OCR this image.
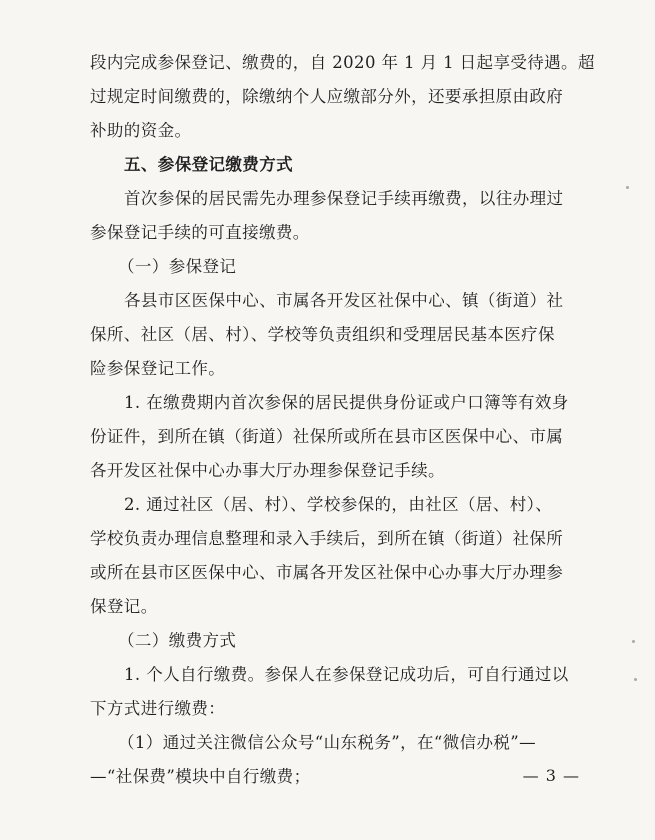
段内完成参保登记、缴费的，自 2020 年 1 月 1 日起享受待遇。超
过规定时间缴费的，除缴纳个人应缴部分外，还要承担原由政府
补助的资金。
五、参保登记缴费方式
首次参保的居民需先办理参保登记手续再缴费，以往办理过
参保登记手续的可直接缴费。
（一）参保登记
各县市区医保中心、市属各开发区社保中心、镇（街道）社
保所、社区（居、村）、学校等负责组织和受理居民基本医疗保
险参保登记工作。
1. 在缴费期内首次参保的居民提供身份证或户口簿等有效身
份证件，到所在镇（街道）社保所或所在县市区医保中心、市属
各开发区社保中心办事大厅办理参保登记手续。
2. 通过社区（居、村）、学校参保的，由社区（居、村）、
学校负责办理信息整理和录入手续后，到所在镇（街道）社保所
或所在县市区医保中心、市属各开发区社保中心办事大厅办理参
保登记。
（二）缴费方式
1. 个人自行缴费。参保人在参保登记成功后，可自行通过以
下方式进行缴费：
（1）通过关注微信公众号“山东税务”，在“微信办税”—
—“社保费”模块中自行缴费；	— 3 —
